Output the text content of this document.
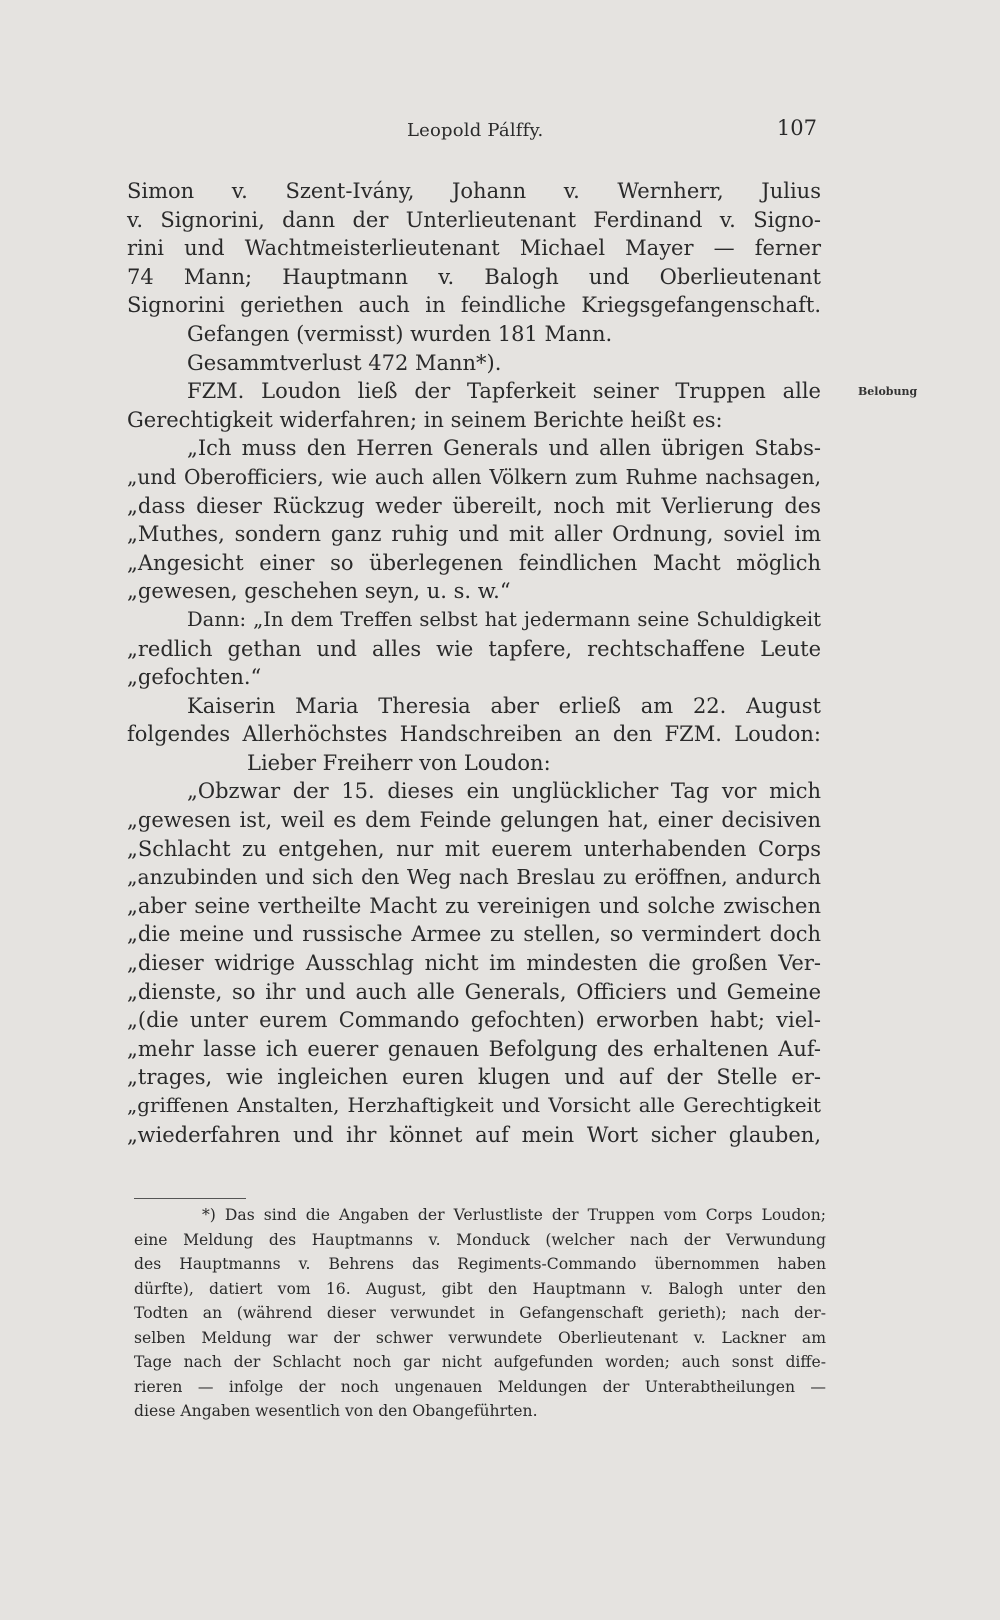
Leopold Pálffy.	107
Belobung
Simon v. Szent-Ivány, Johann v. Wernherr, Julius
v. Signorini, dann der Unterlieutenant Ferdinand v. Signo-
rini und Wachtmeisterlieutenant Michael Mayer — ferner
74 Mann; Hauptmann v. Balogh und Oberlieutenant
Signorini geriethen auch in feindliche Kriegsgefangenschaft.
Gefangen (vermisst) wurden 181 Mann.
Gesammtverlust 472 Mann*).
FZM. Loudon ließ der Tapferkeit seiner Truppen alle
Gerechtigkeit widerfahren; in seinem Berichte heißt es:
„Ich muss den Herren Generals und allen übrigen Stabs-
„und Oberofficiers, wie auch allen Völkern zum Ruhme nachsagen,
„dass dieser Rückzug weder übereilt, noch mit Verlierung des
„Muthes, sondern ganz ruhig und mit aller Ordnung, soviel im
„Angesicht einer so überlegenen feindlichen Macht möglich
„gewesen, geschehen seyn, u. s. w.“
Dann: „In dem Treffen selbst hat jedermann seine Schuldigkeit
„redlich gethan und alles wie tapfere, rechtschaffene Leute
„gefochten.“
Kaiserin Maria Theresia aber erließ am 22. August
folgendes Allerhöchstes Handschreiben an den FZM. Loudon:
Lieber Freiherr von Loudon:
„Obzwar der 15. dieses ein unglücklicher Tag vor mich
„gewesen ist, weil es dem Feinde gelungen hat, einer decisiven
„Schlacht zu entgehen, nur mit euerem unterhabenden Corps
„anzubinden und sich den Weg nach Breslau zu eröffnen, andurch
„aber seine vertheilte Macht zu vereinigen und solche zwischen
„die meine und russische Armee zu stellen, so vermindert doch
„dieser widrige Ausschlag nicht im mindesten die großen Ver-
„dienste, so ihr und auch alle Generals, Officiers und Gemeine
„(die unter eurem Commando gefochten) erworben habt; viel-
„mehr lasse ich euerer genauen Befolgung des erhaltenen Auf-
„trages, wie ingleichen euren klugen und auf der Stelle er-
„griffenen Anstalten, Herzhaftigkeit und Vorsicht alle Gerechtigkeit
„wiederfahren und ihr könnet auf mein Wort sicher glauben,
*) Das sind die Angaben der Verlustliste der Truppen vom Corps Loudon;
eine Meldung des Hauptmanns v. Monduck (welcher nach der Verwundung
des Hauptmanns v. Behrens das Regiments-Commando übernommen haben
dürfte), datiert vom 16. August, gibt den Hauptmann v. Balogh unter den
Todten an (während dieser verwundet in Gefangenschaft gerieth); nach der-
selben Meldung war der schwer verwundete Oberlieutenant v. Lackner am
Tage nach der Schlacht noch gar nicht aufgefunden worden; auch sonst diffe-
rieren — infolge der noch ungenauen Meldungen der Unterabtheilungen —
diese Angaben wesentlich von den Obangeführten.
